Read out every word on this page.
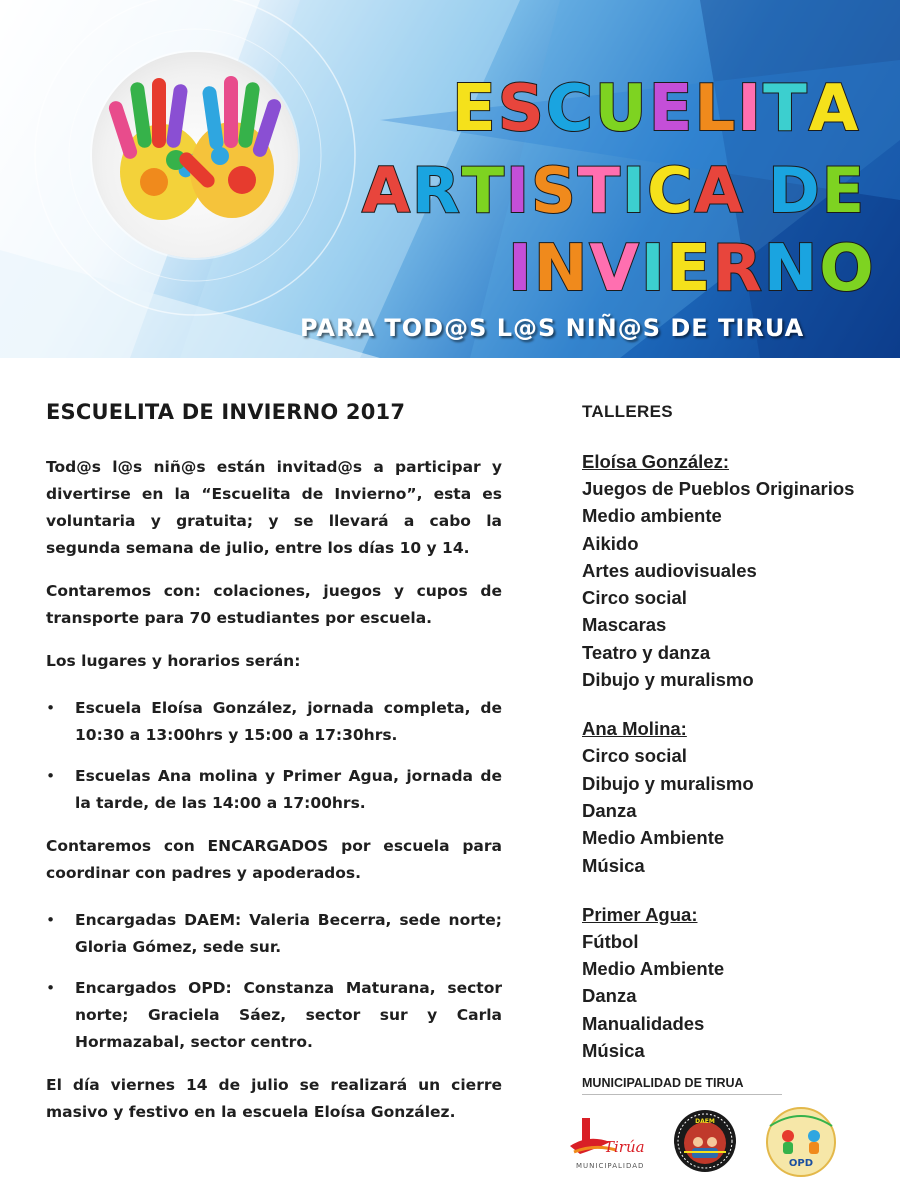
ESCUELITA
ARTISTICA DE
INVIERNO
PARA TOD@S L@S NIÑ@S DE TIRUA
ESCUELITA DE INVIERNO 2017

Tod@s l@s niñ@s están invitad@s a participar y divertirse en la “Escuelita de Invierno”, esta es voluntaria y gratuita; y se llevará a cabo la segunda semana de julio, entre los días 10 y 14.

Contaremos con: colaciones, juegos y cupos de transporte para 70 estudiantes por escuela.

Los lugares y horarios serán:

• Escuela Eloísa González, jornada completa, de 10:30 a 13:00hrs y 15:00 a 17:30hrs.
• Escuelas Ana molina y Primer Agua, jornada de la tarde, de las 14:00 a 17:00hrs.

Contaremos con ENCARGADOS por escuela para coordinar con padres y apoderados.

• Encargadas DAEM: Valeria Becerra, sede norte; Gloria Gómez, sede sur.
• Encargados OPD: Constanza Maturana, sector norte; Graciela Sáez, sector sur y Carla Hormazabal, sector centro.

El día viernes 14 de julio se realizará un cierre masivo y festivo en la escuela Eloísa González.

TALLERES
Eloísa González:
Juegos de Pueblos Originarios
Medio ambiente
Aikido
Artes audiovisuales
Circo social
Mascaras
Teatro y danza
Dibujo y muralismo
Ana Molina:
Circo social
Dibujo y muralismo
Danza
Medio Ambiente
Música
Primer Agua:
Fútbol
Medio Ambiente
Danza
Manualidades
Música
MUNICIPALIDAD DE TIRUA
Tirúa
MUNICIPALIDAD
DAEM
OPD
